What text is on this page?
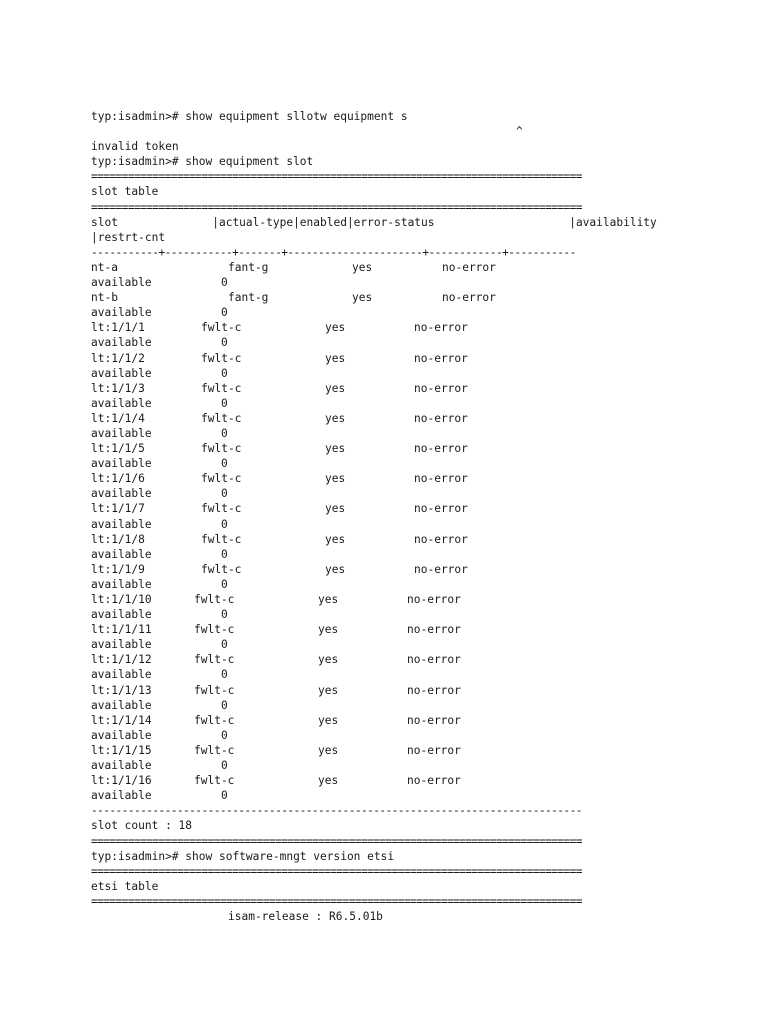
typ:isadmin># show equipment sllotw equipment s
^
invalid token
typ:isadmin># show equipment slot
================================================================================
slot table
================================================================================
slot              |actual-type|enabled|error-status                    |availability
|restrt-cnt
-----------+-----------+-------+----------------------+------------+-----------
nt-a	fant-g	yes	no-error
available	0
nt-b	fant-g	yes	no-error
available	0
lt:1/1/1	fwlt-c	yes	no-error
available	0
lt:1/1/2	fwlt-c	yes	no-error
available	0
lt:1/1/3	fwlt-c	yes	no-error
available	0
lt:1/1/4	fwlt-c	yes	no-error
available	0
lt:1/1/5	fwlt-c	yes	no-error
available	0
lt:1/1/6	fwlt-c	yes	no-error
available	0
lt:1/1/7	fwlt-c	yes	no-error
available	0
lt:1/1/8	fwlt-c	yes	no-error
available	0
lt:1/1/9	fwlt-c	yes	no-error
available	0
lt:1/1/10	fwlt-c	yes	no-error
available	0
lt:1/1/11	fwlt-c	yes	no-error
available	0
lt:1/1/12	fwlt-c	yes	no-error
available	0
lt:1/1/13	fwlt-c	yes	no-error
available	0
lt:1/1/14	fwlt-c	yes	no-error
available	0
lt:1/1/15	fwlt-c	yes	no-error
available	0
lt:1/1/16	fwlt-c	yes	no-error
available	0
--------------------------------------------------------------------------------
slot count : 18
================================================================================
typ:isadmin># show software-mngt version etsi
================================================================================
etsi table
================================================================================
isam-release : R6.5.01b
